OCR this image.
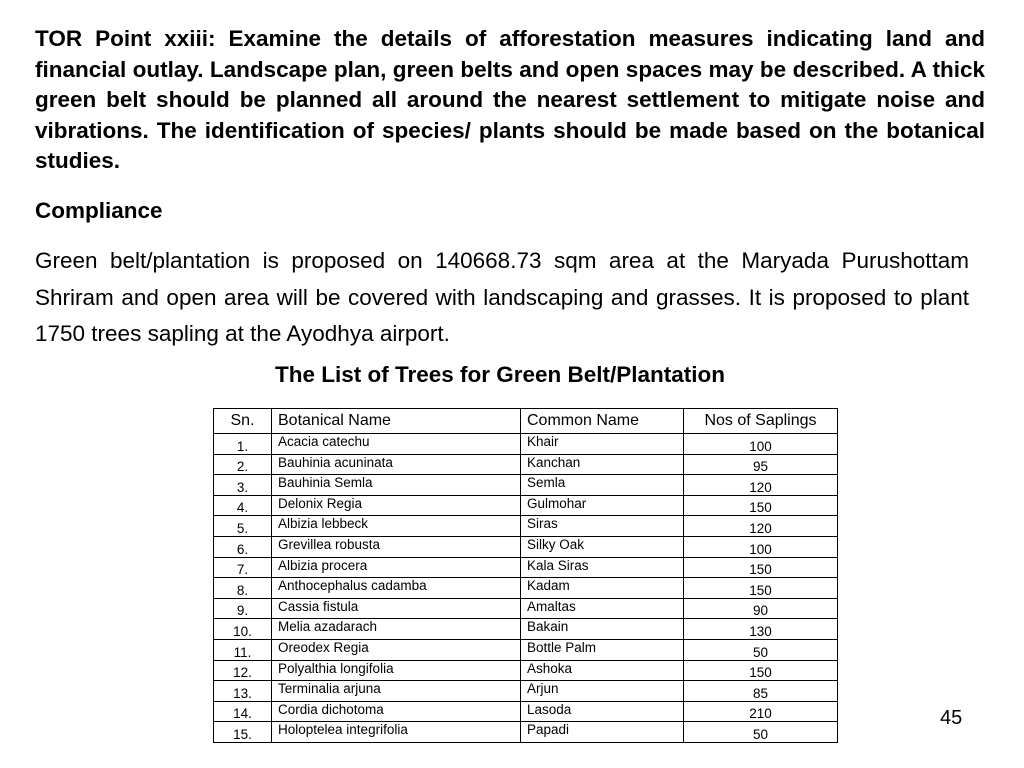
TOR Point xxiii: Examine the details of afforestation measures indicating land and financial outlay. Landscape plan, green belts and open spaces may be described. A thick green belt should be planned all around the nearest settlement to mitigate noise and vibrations. The identification of species/ plants should be made based on the botanical studies.

Compliance

Green belt/plantation is proposed on 140668.73 sqm area at the Maryada Purushottam Shriram and open area will be covered with landscaping and grasses. It is proposed to plant 1750 trees sapling at the Ayodhya airport.

The List of Trees for Green Belt/Plantation
Sn.	Botanical Name	Common Name	Nos of Saplings
1.	Acacia catechu	Khair	100
2.	Bauhinia acuninata	Kanchan	95
3.	Bauhinia Semla	Semla	120
4.	Delonix Regia	Gulmohar	150
5.	Albizia lebbeck	Siras	120
6.	Grevillea robusta	Silky Oak	100
7.	Albizia procera	Kala Siras	150
8.	Anthocephalus cadamba	Kadam	150
9.	Cassia fistula	Amaltas	90
10.	Melia azadarach	Bakain	130
11.	Oreodex Regia	Bottle Palm	50
12.	Polyalthia longifolia	Ashoka	150
13.	Terminalia arjuna	Arjun	85
14.	Cordia dichotoma	Lasoda	210
15.	Holoptelea integrifolia	Papadi	50
45
